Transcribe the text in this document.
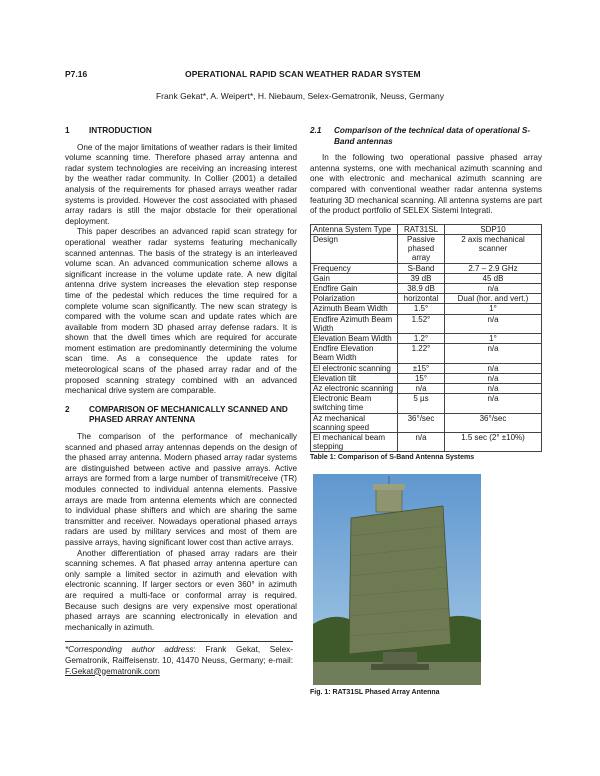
P7.16	OPERATIONAL RAPID SCAN WEATHER RADAR SYSTEM
Frank Gekat*, A. Weipert*, H. Niebaum, Selex-Gematronik, Neuss, Germany
1	INTRODUCTION

One of the major limitations of weather radars is their limited volume scanning time. Therefore phased array antenna and radar system technologies are receiving an increasing interest by the weather radar community. In Collier (2001) a detailed analysis of the requirements for phased arrays weather radar systems is provided. However the cost associated with phased array radars is still the major obstacle for their operational deployment.

This paper describes an advanced rapid scan strategy for operational weather radar systems featuring mechanically scanned antennas. The basis of the strategy is an interleaved volume scan. An advanced communication scheme allows a significant increase in the volume update rate. A new digital antenna drive system increases the elevation step response time of the pedestal which reduces the time required for a complete volume scan significantly. The new scan strategy is compared with the volume scan and update rates which are available from modern 3D phased array defense radars. It is shown that the dwell times which are required for accurate moment estimation are predominantly determining the volume scan time. As a consequence the update rates for meteorological scans of the phased array radar and of the proposed scanning strategy combined with an advanced mechanical drive system are comparable.

2	COMPARISON OF MECHANICALLY SCANNED AND PHASED ARRAY ANTENNA

The comparison of the performance of mechanically scanned and phased array antennas depends on the design of the phased array antenna. Modern phased array radar systems are distinguished between active and passive arrays. Active arrays are formed from a large number of transmit/receive (TR) modules connected to individual antenna elements. Passive arrays are made from antenna elements which are connected to individual phase shifters and which are sharing the same transmitter and receiver. Nowadays operational phased arrays radars are used by military services and most of them are passive arrays, having significant lower cost than active arrays.

Another differentiation of phased array radars are their scanning schemes. A flat phased array antenna aperture can only sample a limited sector in azimuth and elevation with electronic scanning. If larger sectors or even 360° in azimuth are required a multi-face or conformal array is required. Because such designs are very expensive most operational phased arrays are scanning electronically in elevation and mechanically in azimuth.

*Corresponding author address: Frank Gekat, Selex-Gematronik, Raiffeisenstr. 10, 41470 Neuss, Germany; e-mail: F.Gekat@gematronik.com

2.1	Comparison of the technical data of operational S-Band antennas

In the following two operational passive phased array antenna systems, one with mechanical azimuth scanning and one with electronic and mechanical azimuth scanning are compared with conventional weather radar antenna systems featuring 3D mechanical scanning. All antenna systems are part of the product portfolio of SELEX Sistemi Integrati.

Antenna System Type	RAT31SL	SDP10
Design	Passive phased array	2 axis mechanical scanner
Frequency	S-Band	2.7 – 2.9 GHz
Gain	39 dB	45 dB
Endfire Gain	38.9 dB	n/a
Polarization	horizontal	Dual (hor. and vert.)
Azimuth Beam Width	1.5°	1°
Endfire Azimuth Beam Width	1.52°	n/a
Elevation Beam Width	1.2°	1°
Endfire Elevation Beam Width	1.22°	n/a
El electronic scanning	±15°	n/a
Elevation tilt	15°	n/a
Az electronic scanning	n/a	n/a
Electronic Beam switching time	5 µs	n/a
Az mechanical scanning speed	36°/sec	36°/sec
El mechanical beam stepping	n/a	1.5 sec (2° ±10%)
Table 1: Comparison of S-Band Antenna Systems
Fig. 1: RAT31SL Phased Array Antenna
